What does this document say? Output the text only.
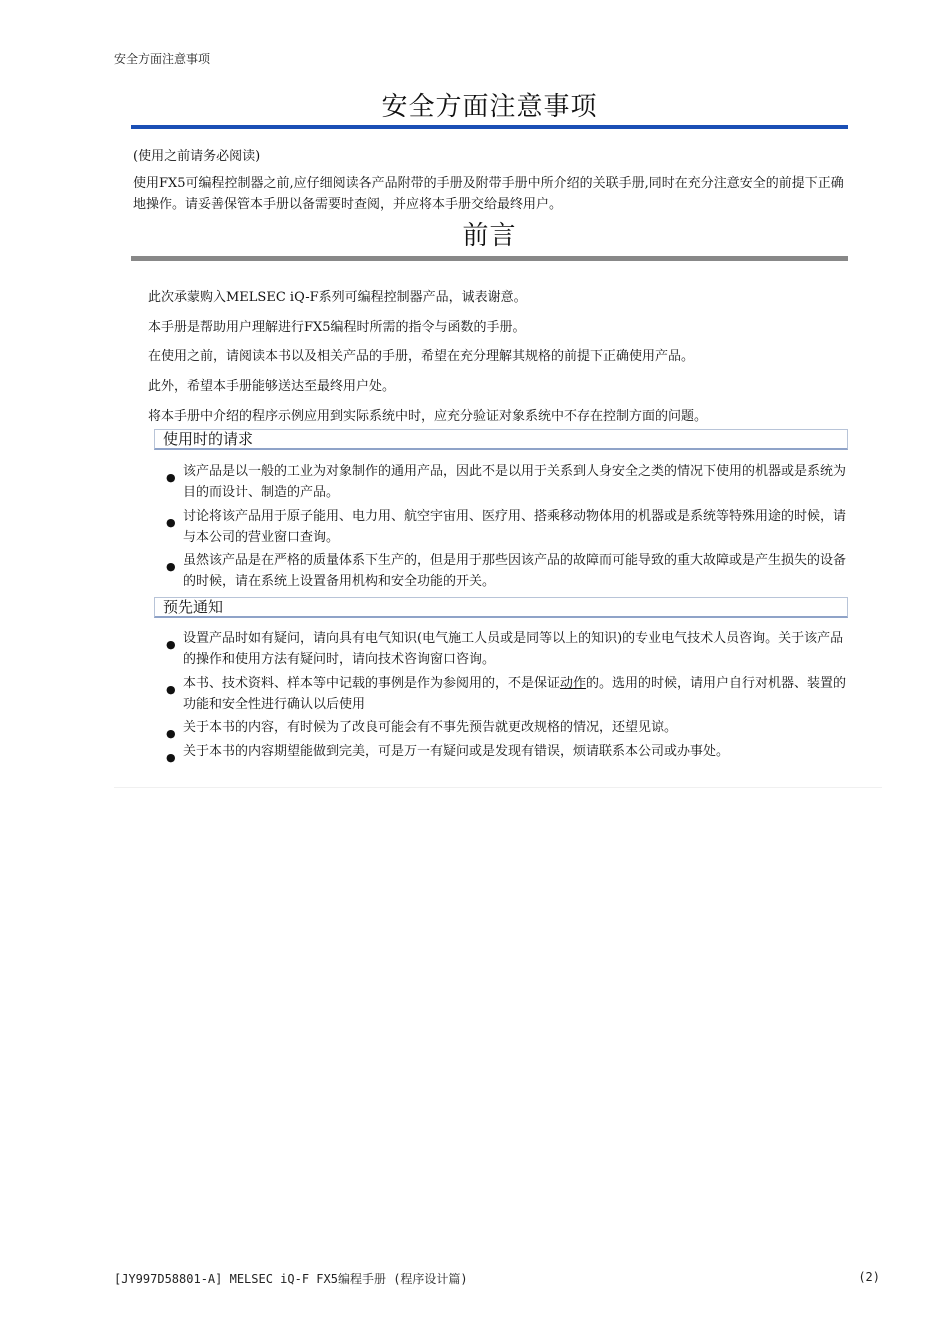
安全方面注意事项
安全方面注意事项
(使用之前请务必阅读)
使用FX5可编程控制器之前,应仔细阅读各产品附带的手册及附带手册中所介绍的关联手册,同时在充分注意安全的前提下正确地操作。请妥善保管本手册以备需要时查阅，并应将本手册交给最终用户。
前言
此次承蒙购入MELSEC iQ-F系列可编程控制器产品，诚表谢意。
本手册是帮助用户理解进行FX5编程时所需的指令与函数的手册。
在使用之前，请阅读本书以及相关产品的手册，希望在充分理解其规格的前提下正确使用产品。
此外，希望本手册能够送达至最终用户处。
将本手册中介绍的程序示例应用到实际系统中时，应充分验证对象系统中不存在控制方面的问题。
使用时的请求
● 该产品是以一般的工业为对象制作的通用产品，因此不是以用于关系到人身安全之类的情况下使用的机器或是系统为目的而设计、制造的产品。
● 讨论将该产品用于原子能用、电力用、航空宇宙用、医疗用、搭乘移动物体用的机器或是系统等特殊用途的时候，请与本公司的营业窗口查询。
● 虽然该产品是在严格的质量体系下生产的，但是用于那些因该产品的故障而可能导致的重大故障或是产生损失的设备的时候，请在系统上设置备用机构和安全功能的开关。
预先通知
● 设置产品时如有疑问，请向具有电气知识(电气施工人员或是同等以上的知识)的专业电气技术人员咨询。关于该产品的操作和使用方法有疑问时，请向技术咨询窗口咨询。
● 本书、技术资料、样本等中记载的事例是作为参阅用的，不是保证动作的。选用的时候，请用户自行对机器、装置的功能和安全性进行确认以后使用
● 关于本书的内容，有时候为了改良可能会有不事先预告就更改规格的情况，还望见谅。
● 关于本书的内容期望能做到完美，可是万一有疑问或是发现有错误，烦请联系本公司或办事处。
[JY997D58801-A] MELSEC iQ-F FX5编程手册 (程序设计篇)	(2)
